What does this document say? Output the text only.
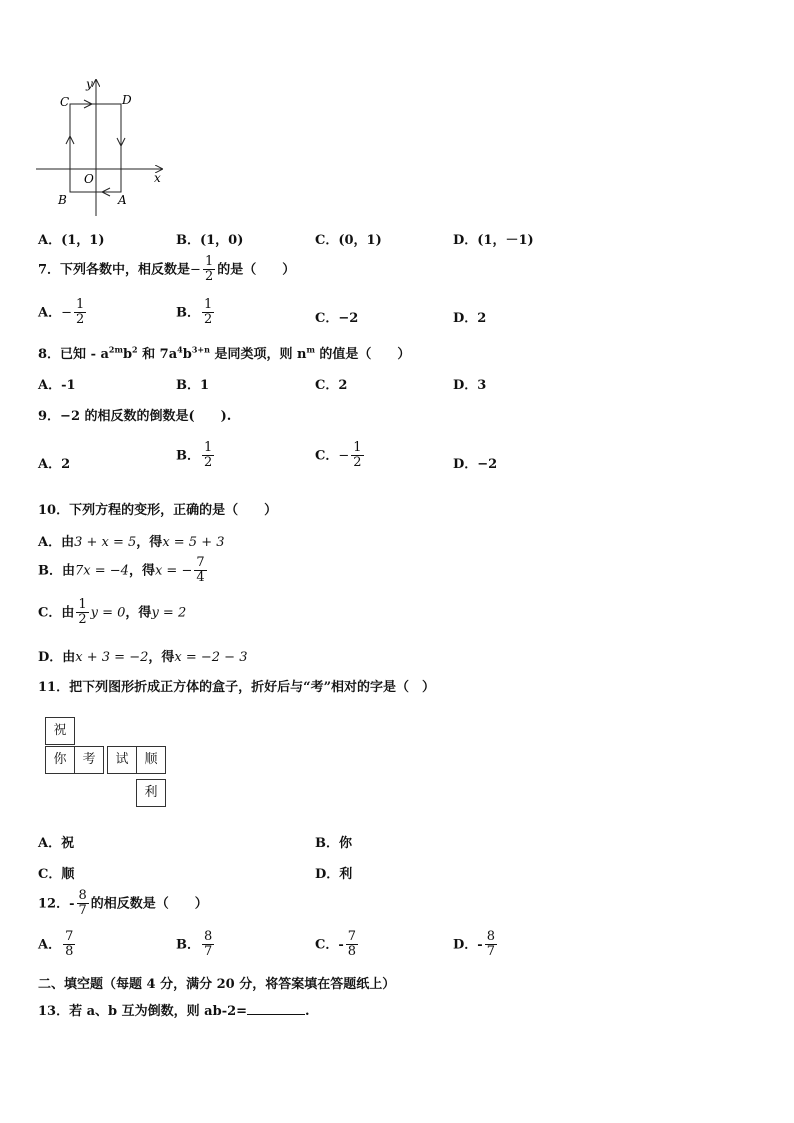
y
x
O
C	D
B	A
A．(1，1)	B．(1，0)	C．(0，1)	D．(1，－1)
7．下列各数中，相反数是− $\frac{1}{2}$ 的是（　　）
A．− $\frac{1}{2}$	B． $\frac{1}{2}$	C．−2	D．2
8．已知 - $a^{2m}b^2$ 和 $7a^4b^{3+n}$ 是同类项，则 $n^m$ 的值是（　　）
A．-1	B．1	C．2	D．3
9．−2 的相反数的倒数是(　　).
A．2
B． $\frac{1}{2}$	C．− $\frac{1}{2}$	D．−2
10．下列方程的变形，正确的是（　　）
A．由3 + x = 5，得x = 5 + 3
B．由7x = −4，得x = − $\frac{7}{4}$
C．由 $\frac{1}{2}$ y = 0，得y = 2
D．由x + 3 = −2，得x = −2 − 3
11．把下列图形折成正方体的盒子，折好后与“考”相对的字是（　）
祝
你	考	试	顺
利
A．祝	B．你
C．顺	D．利
12．- $\frac{8}{7}$ 的相反数是（　　）
A． $\frac{7}{8}$	B． $\frac{8}{7}$	C．- $\frac{7}{8}$	D．- $\frac{8}{7}$
二、填空题（每题 4 分，满分 20 分，将答案填在答题纸上）
13．若 a、b 互为倒数，则 ab-2=	.
